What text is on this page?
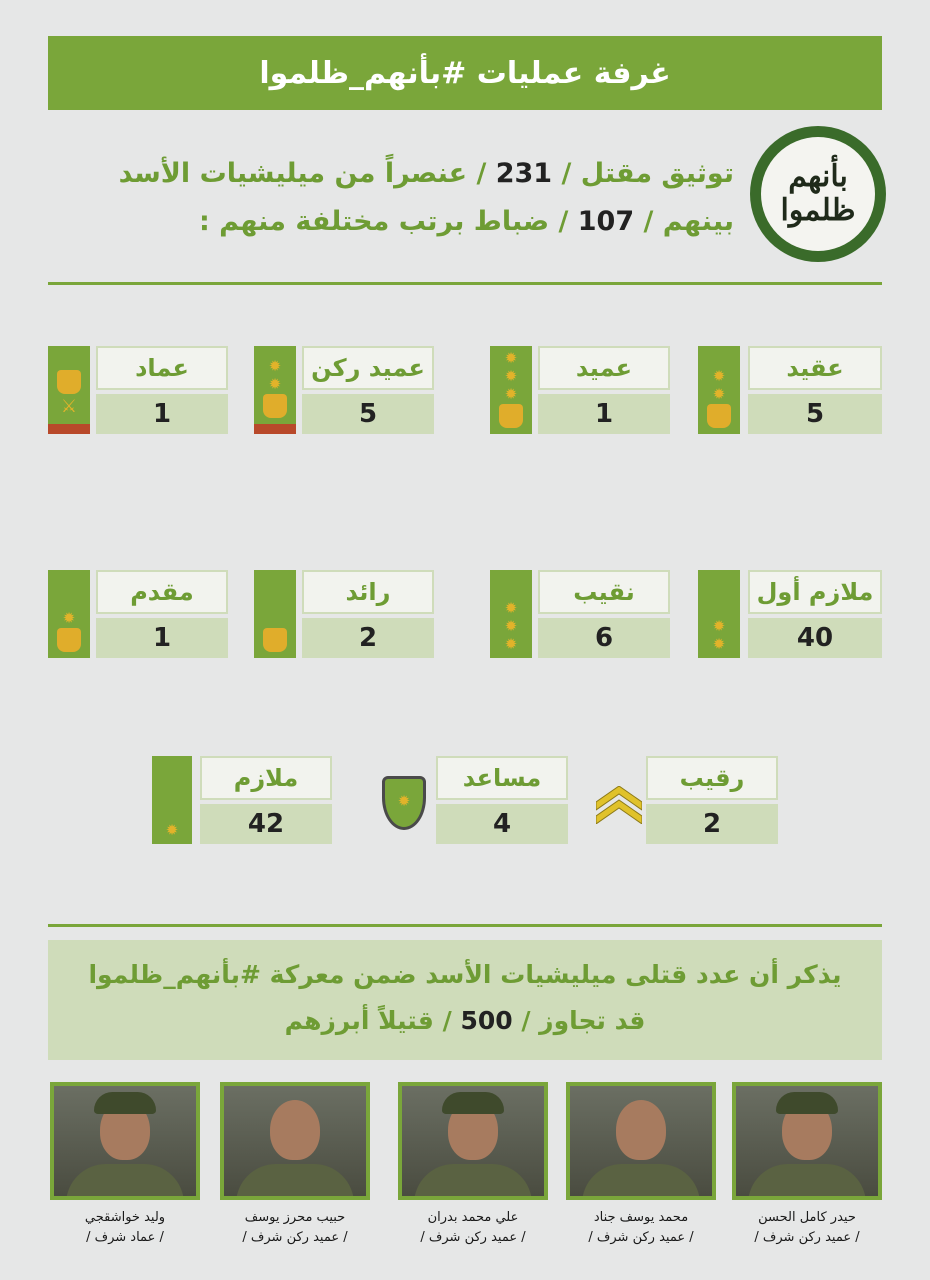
غرفة عمليات #بأنهم_ظلموا
بأنهم
ظلموا
توثيق مقتل / 231 / عنصراً من ميليشيات الأسد
بينهم / 107 / ضباط برتب مختلفة منهم :
✹
✹
عقيد
5
✹
✹
✹
عميد
1
✹
✹
عميد ركن
5
⚔
عماد
1
✹
✹
ملازم أول
40
✹
✹
✹
نقيب
6
رائد
2
✹
مقدم
1
رقيب
2
✹
مساعد
4
✹
ملازم
42
يذكر أن عدد قتلى ميليشيات الأسد ضمن معركة #بأنهم_ظلموا
قد تجاوز / 500 / قتيلاً أبرزهم
حيدر كامل الحسن
/ عميد ركن شرف /
محمد يوسف جناد
/ عميد ركن شرف /
علي محمد بدران
/ عميد ركن شرف /
حبيب محرز يوسف
/ عميد ركن شرف /
وليد خواشقجي
/ عماد شرف /
